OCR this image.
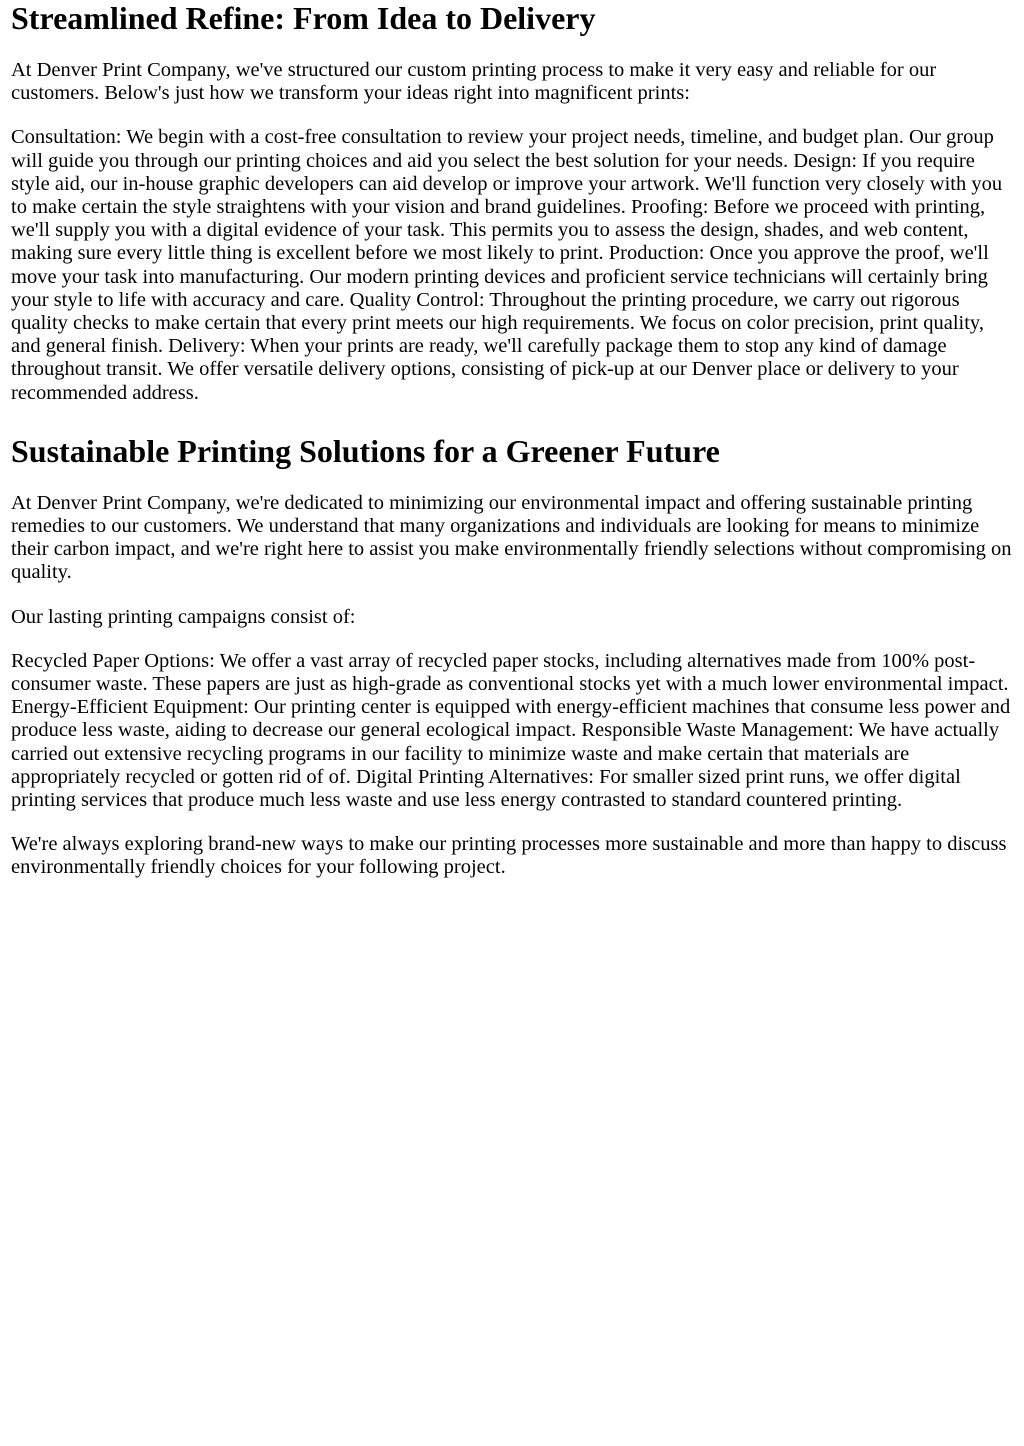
Streamlined Refine: From Idea to Delivery

At Denver Print Company, we've structured our custom printing process to make it very easy and reliable for our customers. Below's just how we transform your ideas right into magnificent prints:

Consultation: We begin with a cost-free consultation to review your project needs, timeline, and budget plan. Our group will guide you through our printing choices and aid you select the best solution for your needs. Design: If you require style aid, our in-house graphic developers can aid develop or improve your artwork. We'll function very closely with you to make certain the style straightens with your vision and brand guidelines. Proofing: Before we proceed with printing, we'll supply you with a digital evidence of your task. This permits you to assess the design, shades, and web content, making sure every little thing is excellent before we most likely to print. Production: Once you approve the proof, we'll move your task into manufacturing. Our modern printing devices and proficient service technicians will certainly bring your style to life with accuracy and care. Quality Control: Throughout the printing procedure, we carry out rigorous quality checks to make certain that every print meets our high requirements. We focus on color precision, print quality, and general finish. Delivery: When your prints are ready, we'll carefully package them to stop any kind of damage throughout transit. We offer versatile delivery options, consisting of pick-up at our Denver place or delivery to your recommended address.

Sustainable Printing Solutions for a Greener Future

At Denver Print Company, we're dedicated to minimizing our environmental impact and offering sustainable printing remedies to our customers. We understand that many organizations and individuals are looking for means to minimize their carbon impact, and we're right here to assist you make environmentally friendly selections without compromising on quality.

Our lasting printing campaigns consist of:

Recycled Paper Options: We offer a vast array of recycled paper stocks, including alternatives made from 100% post-consumer waste. These papers are just as high-grade as conventional stocks yet with a much lower environmental impact. Energy-Efficient Equipment: Our printing center is equipped with energy-efficient machines that consume less power and produce less waste, aiding to decrease our general ecological impact. Responsible Waste Management: We have actually carried out extensive recycling programs in our facility to minimize waste and make certain that materials are appropriately recycled or gotten rid of of. Digital Printing Alternatives: For smaller sized print runs, we offer digital printing services that produce much less waste and use less energy contrasted to standard countered printing.

We're always exploring brand-new ways to make our printing processes more sustainable and more than happy to discuss environmentally friendly choices for your following project.
